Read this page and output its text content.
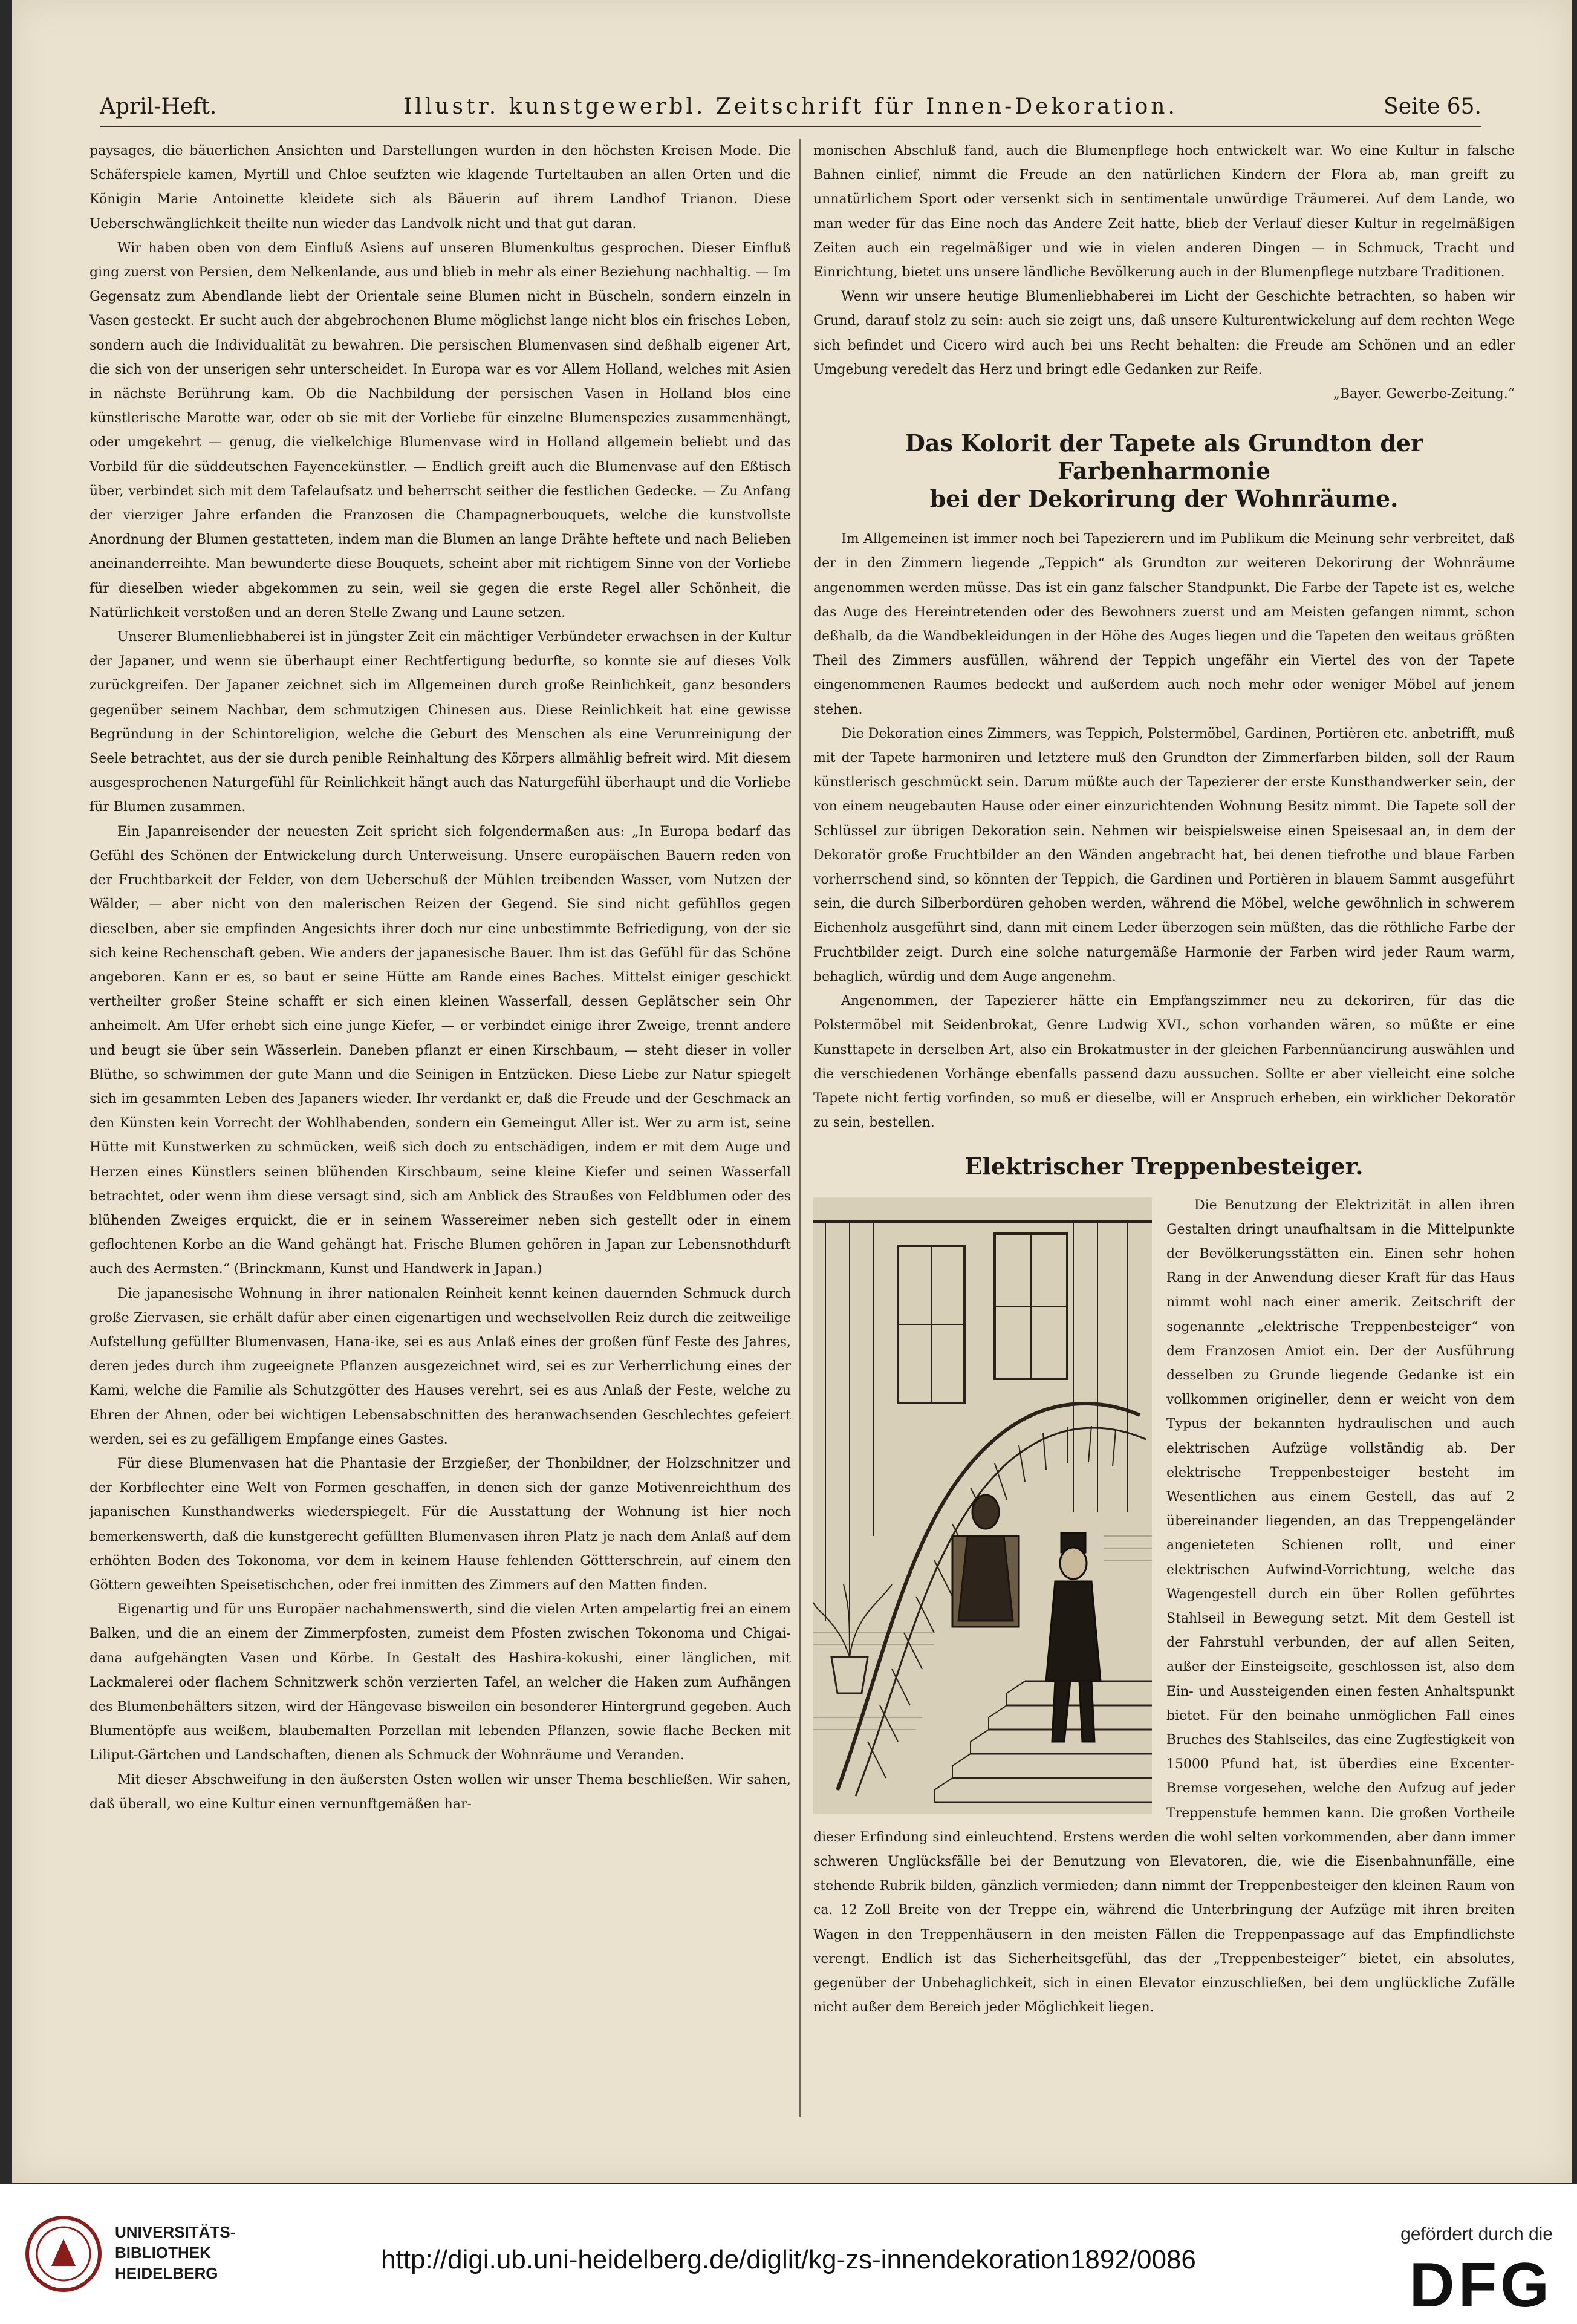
April-Heft.	Illustr. kunstgewerbl. Zeitschrift für Innen-Dekoration.	Seite 65.

paysages, die bäuerlichen Ansichten und Darstellungen wurden in den höchsten Kreisen Mode. Die Schäferspiele kamen, Myrtill und Chloe seufzten wie klagende Turteltauben an allen Orten und die Königin Marie Antoinette kleidete sich als Bäuerin auf ihrem Landhof Trianon. Diese Ueberschwänglichkeit theilte nun wieder das Landvolk nicht und that gut daran.

Wir haben oben von dem Einfluß Asiens auf unseren Blumenkultus gesprochen. Dieser Einfluß ging zuerst von Persien, dem Nelkenlande, aus und blieb in mehr als einer Beziehung nachhaltig. — Im Gegensatz zum Abendlande liebt der Orientale seine Blumen nicht in Büscheln, sondern einzeln in Vasen gesteckt. Er sucht auch der abgebrochenen Blume möglichst lange nicht blos ein frisches Leben, sondern auch die Individualität zu bewahren. Die persischen Blumenvasen sind deßhalb eigener Art, die sich von der unserigen sehr unterscheidet. In Europa war es vor Allem Holland, welches mit Asien in nächste Berührung kam. Ob die Nachbildung der persischen Vasen in Holland blos eine künstlerische Marotte war, oder ob sie mit der Vorliebe für einzelne Blumenspezies zusammenhängt, oder umgekehrt — genug, die vielkelchige Blumenvase wird in Holland allgemein beliebt und das Vorbild für die süddeutschen Fayencekünstler. — Endlich greift auch die Blumenvase auf den Eßtisch über, verbindet sich mit dem Tafelaufsatz und beherrscht seither die festlichen Gedecke. — Zu Anfang der vierziger Jahre erfanden die Franzosen die Champagnerbouquets, welche die kunstvollste Anordnung der Blumen gestatteten, indem man die Blumen an lange Drähte heftete und nach Belieben aneinanderreihte. Man bewunderte diese Bouquets, scheint aber mit richtigem Sinne von der Vorliebe für dieselben wieder abgekommen zu sein, weil sie gegen die erste Regel aller Schönheit, die Natürlichkeit verstoßen und an deren Stelle Zwang und Laune setzen.

Unserer Blumenliebhaberei ist in jüngster Zeit ein mächtiger Verbündeter erwachsen in der Kultur der Japaner, und wenn sie überhaupt einer Rechtfertigung bedurfte, so konnte sie auf dieses Volk zurückgreifen. Der Japaner zeichnet sich im Allgemeinen durch große Reinlichkeit, ganz besonders gegenüber seinem Nachbar, dem schmutzigen Chinesen aus. Diese Reinlichkeit hat eine gewisse Begründung in der Schintoreligion, welche die Geburt des Menschen als eine Verunreinigung der Seele betrachtet, aus der sie durch penible Reinhaltung des Körpers allmählig befreit wird. Mit diesem ausgesprochenen Naturgefühl für Reinlichkeit hängt auch das Naturgefühl überhaupt und die Vorliebe für Blumen zusammen.

Ein Japanreisender der neuesten Zeit spricht sich folgendermaßen aus: „In Europa bedarf das Gefühl des Schönen der Entwickelung durch Unterweisung. Unsere europäischen Bauern reden von der Fruchtbarkeit der Felder, von dem Ueberschuß der Mühlen treibenden Wasser, vom Nutzen der Wälder, — aber nicht von den malerischen Reizen der Gegend. Sie sind nicht gefühllos gegen dieselben, aber sie empfinden Angesichts ihrer doch nur eine unbestimmte Befriedigung, von der sie sich keine Rechenschaft geben. Wie anders der japanesische Bauer. Ihm ist das Gefühl für das Schöne angeboren. Kann er es, so baut er seine Hütte am Rande eines Baches. Mittelst einiger geschickt vertheilter großer Steine schafft er sich einen kleinen Wasserfall, dessen Geplätscher sein Ohr anheimelt. Am Ufer erhebt sich eine junge Kiefer, — er verbindet einige ihrer Zweige, trennt andere und beugt sie über sein Wässerlein. Daneben pflanzt er einen Kirschbaum, — steht dieser in voller Blüthe, so schwimmen der gute Mann und die Seinigen in Entzücken. Diese Liebe zur Natur spiegelt sich im gesammten Leben des Japaners wieder. Ihr verdankt er, daß die Freude und der Geschmack an den Künsten kein Vorrecht der Wohlhabenden, sondern ein Gemeingut Aller ist. Wer zu arm ist, seine Hütte mit Kunstwerken zu schmücken, weiß sich doch zu entschädigen, indem er mit dem Auge und Herzen eines Künstlers seinen blühenden Kirschbaum, seine kleine Kiefer und seinen Wasserfall betrachtet, oder wenn ihm diese versagt sind, sich am Anblick des Straußes von Feldblumen oder des blühenden Zweiges erquickt, die er in seinem Wassereimer neben sich gestellt oder in einem geflochtenen Korbe an die Wand gehängt hat. Frische Blumen gehören in Japan zur Lebensnothdurft auch des Aermsten.“ (Brinckmann, Kunst und Handwerk in Japan.)

Die japanesische Wohnung in ihrer nationalen Reinheit kennt keinen dauernden Schmuck durch große Ziervasen, sie erhält dafür aber einen eigenartigen und wechselvollen Reiz durch die zeitweilige Aufstellung gefüllter Blumenvasen, Hana-ike, sei es aus Anlaß eines der großen fünf Feste des Jahres, deren jedes durch ihm zugeeignete Pflanzen ausgezeichnet wird, sei es zur Verherrlichung eines der Kami, welche die Familie als Schutzgötter des Hauses verehrt, sei es aus Anlaß der Feste, welche zu Ehren der Ahnen, oder bei wichtigen Lebensabschnitten des heranwachsenden Geschlechtes gefeiert werden, sei es zu gefälligem Empfange eines Gastes.

Für diese Blumenvasen hat die Phantasie der Erzgießer, der Thonbildner, der Holzschnitzer und der Korbflechter eine Welt von Formen geschaffen, in denen sich der ganze Motivenreichthum des japanischen Kunsthandwerks wiederspiegelt. Für die Ausstattung der Wohnung ist hier noch bemerkenswerth, daß die kunstgerecht gefüllten Blumenvasen ihren Platz je nach dem Anlaß auf dem erhöhten Boden des Tokonoma, vor dem in keinem Hause fehlenden Göttterschrein, auf einem den Göttern geweihten Speisetischchen, oder frei inmitten des Zimmers auf den Matten finden.

Eigenartig und für uns Europäer nachahmenswerth, sind die vielen Arten ampelartig frei an einem Balken, und die an einem der Zimmerpfosten, zumeist dem Pfosten zwischen Tokonoma und Chigai-dana aufgehängten Vasen und Körbe. In Gestalt des Hashira-kokushi, einer länglichen, mit Lackmalerei oder flachem Schnitzwerk schön verzierten Tafel, an welcher die Haken zum Aufhängen des Blumenbehälters sitzen, wird der Hängevase bisweilen ein besonderer Hintergrund gegeben. Auch Blumentöpfe aus weißem, blaubemalten Porzellan mit lebenden Pflanzen, sowie flache Becken mit Liliput-Gärtchen und Landschaften, dienen als Schmuck der Wohnräume und Veranden.

Mit dieser Abschweifung in den äußersten Osten wollen wir unser Thema beschließen. Wir sahen, daß überall, wo eine Kultur einen vernunftgemäßen har-

monischen Abschluß fand, auch die Blumenpflege hoch entwickelt war. Wo eine Kultur in falsche Bahnen einlief, nimmt die Freude an den natürlichen Kindern der Flora ab, man greift zu unnatürlichem Sport oder versenkt sich in sentimentale unwürdige Träumerei. Auf dem Lande, wo man weder für das Eine noch das Andere Zeit hatte, blieb der Verlauf dieser Kultur in regelmäßigen Zeiten auch ein regelmäßiger und wie in vielen anderen Dingen — in Schmuck, Tracht und Einrichtung, bietet uns unsere ländliche Bevölkerung auch in der Blumenpflege nutzbare Traditionen.

Wenn wir unsere heutige Blumenliebhaberei im Licht der Geschichte betrachten, so haben wir Grund, darauf stolz zu sein: auch sie zeigt uns, daß unsere Kulturentwickelung auf dem rechten Wege sich befindet und Cicero wird auch bei uns Recht behalten: die Freude am Schönen und an edler Umgebung veredelt das Herz und bringt edle Gedanken zur Reife.

„Bayer. Gewerbe-Zeitung.“

Das Kolorit der Tapete als Grundton der Farbenharmonie
bei der Dekorirung der Wohnräume.

Im Allgemeinen ist immer noch bei Tapezierern und im Publikum die Meinung sehr verbreitet, daß der in den Zimmern liegende „Teppich“ als Grundton zur weiteren Dekorirung der Wohnräume angenommen werden müsse. Das ist ein ganz falscher Standpunkt. Die Farbe der Tapete ist es, welche das Auge des Hereintretenden oder des Bewohners zuerst und am Meisten gefangen nimmt, schon deßhalb, da die Wandbekleidungen in der Höhe des Auges liegen und die Tapeten den weitaus größten Theil des Zimmers ausfüllen, während der Teppich ungefähr ein Viertel des von der Tapete eingenommenen Raumes bedeckt und außerdem auch noch mehr oder weniger Möbel auf jenem stehen.

Die Dekoration eines Zimmers, was Teppich, Polstermöbel, Gardinen, Portièren etc. anbetrifft, muß mit der Tapete harmoniren und letztere muß den Grundton der Zimmerfarben bilden, soll der Raum künstlerisch geschmückt sein. Darum müßte auch der Tapezierer der erste Kunsthandwerker sein, der von einem neugebauten Hause oder einer einzurichtenden Wohnung Besitz nimmt. Die Tapete soll der Schlüssel zur übrigen Dekoration sein. Nehmen wir beispielsweise einen Speisesaal an, in dem der Dekoratör große Fruchtbilder an den Wänden angebracht hat, bei denen tiefrothe und blaue Farben vorherrschend sind, so könnten der Teppich, die Gardinen und Portièren in blauem Sammt ausgeführt sein, die durch Silberbordüren gehoben werden, während die Möbel, welche gewöhnlich in schwerem Eichenholz ausgeführt sind, dann mit einem Leder überzogen sein müßten, das die röthliche Farbe der Fruchtbilder zeigt. Durch eine solche naturgemäße Harmonie der Farben wird jeder Raum warm, behaglich, würdig und dem Auge angenehm.

Angenommen, der Tapezierer hätte ein Empfangszimmer neu zu dekoriren, für das die Polstermöbel mit Seidenbrokat, Genre Ludwig XVI., schon vorhanden wären, so müßte er eine Kunsttapete in derselben Art, also ein Brokatmuster in der gleichen Farbennüancirung auswählen und die verschiedenen Vorhänge ebenfalls passend dazu aussuchen. Sollte er aber vielleicht eine solche Tapete nicht fertig vorfinden, so muß er dieselbe, will er Anspruch erheben, ein wirklicher Dekoratör zu sein, bestellen.

Elektrischer Treppenbesteiger.

Die Benutzung der Elektrizität in allen ihren Gestalten dringt unaufhaltsam in die Mittelpunkte der Bevölkerungsstätten ein. Einen sehr hohen Rang in der Anwendung dieser Kraft für das Haus nimmt wohl nach einer amerik. Zeitschrift der sogenannte „elektrische Treppenbesteiger“ von dem Franzosen Amiot ein. Der der Ausführung desselben zu Grunde liegende Gedanke ist ein vollkommen origineller, denn er weicht von dem Typus der bekannten hydraulischen und auch elektrischen Aufzüge vollständig ab. Der elektrische Treppenbesteiger besteht im Wesentlichen aus einem Gestell, das auf 2 übereinander liegenden, an das Treppengeländer angenieteten Schienen rollt, und einer elektrischen Aufwind-Vorrichtung, welche das Wagengestell durch ein über Rollen geführtes Stahlseil in Bewegung setzt. Mit dem Gestell ist der Fahrstuhl verbunden, der auf allen Seiten, außer der Einsteigseite, geschlossen ist, also dem Ein- und Aussteigenden einen festen Anhaltspunkt bietet. Für den beinahe unmöglichen Fall eines Bruches des Stahlseiles, das eine Zugfestigkeit von 15000 Pfund hat, ist überdies eine Excenter-Bremse vorgesehen, welche den Aufzug auf jeder Treppenstufe hemmen kann. Die großen Vortheile dieser Erfindung sind einleuchtend. Erstens werden die wohl selten vorkommenden, aber dann immer schweren Unglücksfälle bei der Benutzung von Elevatoren, die, wie die Eisenbahnunfälle, eine stehende Rubrik bilden, gänzlich vermieden; dann nimmt der Treppenbesteiger den kleinen Raum von ca. 12 Zoll Breite von der Treppe ein, während die Unterbringung der Aufzüge mit ihren breiten Wagen in den Treppenhäusern in den meisten Fällen die Treppenpassage auf das Empfindlichste verengt. Endlich ist das Sicherheitsgefühl, das der „Treppenbesteiger“ bietet, ein absolutes, gegenüber der Unbehaglichkeit, sich in einen Elevator einzuschließen, bei dem unglückliche Zufälle nicht außer dem Bereich jeder Möglichkeit liegen.

UNIVERSITÄTS-
BIBLIOTHEK
HEIDELBERG	http://digi.ub.uni-heidelberg.de/diglit/kg-zs-innendekoration1892/0086
gefördert durch die
DFG
